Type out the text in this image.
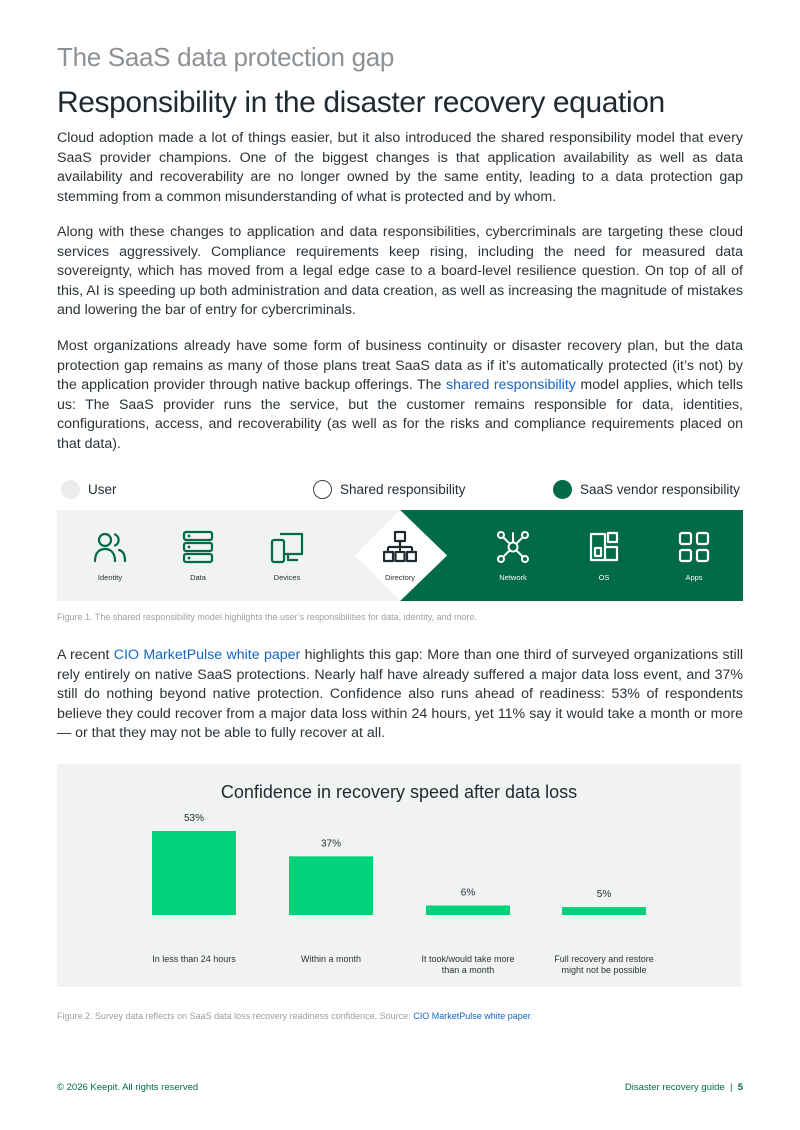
The SaaS data protection gap
Responsibility in the disaster recovery equation

Cloud adoption made a lot of things easier, but it also introduced the shared responsibility model that every SaaS provider champions. One of the biggest changes is that application availability as well as data availability and recoverability are no longer owned by the same entity, leading to a data protection gap stemming from a common misunderstanding of what is protected and by whom.

Along with these changes to application and data responsibilities, cybercriminals are targeting these cloud services aggressively. Compliance requirements keep rising, including the need for measured data sovereignty, which has moved from a legal edge case to a board-level resilience question. On top of all of this, AI is speeding up both administration and data creation, as well as increasing the magnitude of mistakes and lowering the bar of entry for cybercriminals.

Most organizations already have some form of business continuity or disaster recovery plan, but the data protection gap remains as many of those plans treat SaaS data as if it’s automatically protected (it’s not) by the application provider through native backup offerings. The shared responsibility model applies, which tells us: The SaaS provider runs the service, but the customer remains responsible for data, identities, configurations, access, and recoverability (as well as for the risks and compliance requirements placed on that data).

User	Shared responsibility	SaaS vendor responsibility
Identity	Data	Devices	Directory	Network	OS	Apps
Figure 1. The shared responsibility model highlights the user’s responsibilities for data, identity, and more.

A recent CIO MarketPulse white paper highlights this gap: More than one third of surveyed organizations still rely entirely on native SaaS protections. Nearly half have already suffered a major data loss event, and 37% still do nothing beyond native protection. Confidence also runs ahead of readiness: 53% of respondents believe they could recover from a major data loss within 24 hours, yet 11% say it would take a month or more — or that they may not be able to fully recover at all.

Confidence in recovery speed after data loss
53%
In less than 24 hours
37%
Within a month
6%
It took/would take more
than a month
5%
Full recovery and restore
might not be possible
Figure 2. Survey data reflects on SaaS data loss recovery readiness confidence. Source: CIO MarketPulse white paper.
© 2026 Keepit. All rights reserved	Disaster recovery guide | 5
